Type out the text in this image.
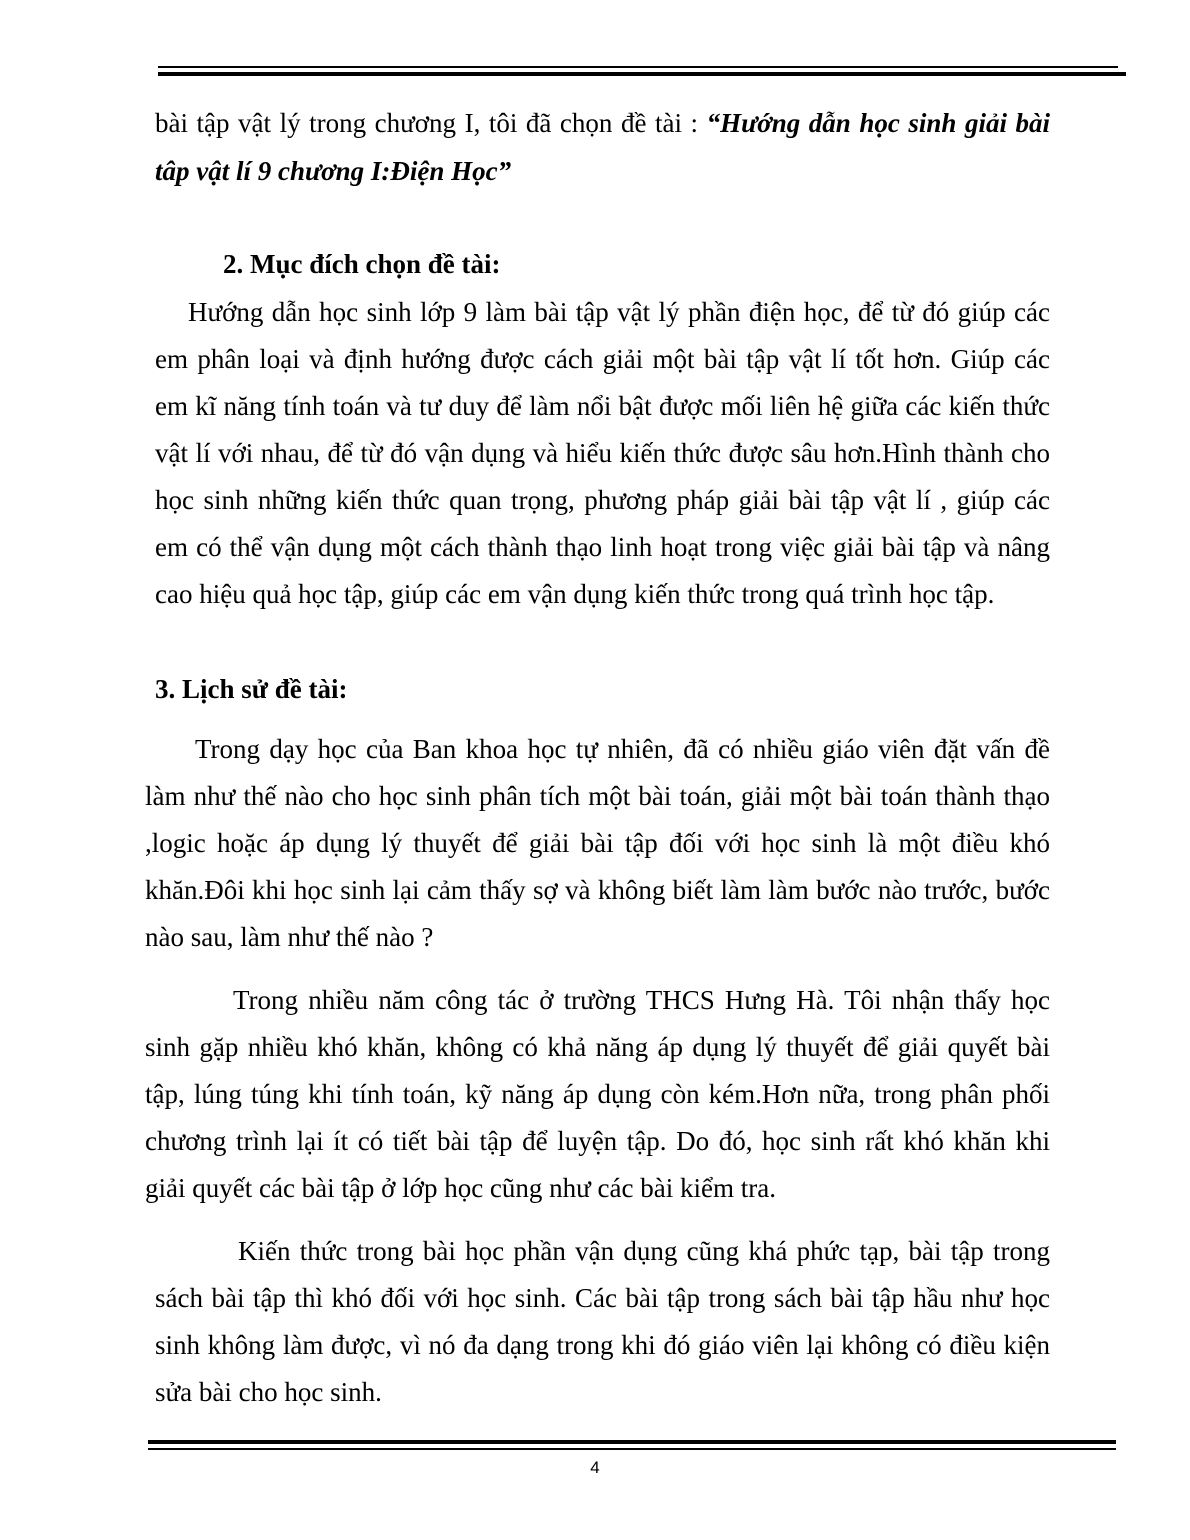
bài tập vật lý trong chương I, tôi đã chọn đề tài : “Hướng dẫn học sinh giải bài
tâp vật lí 9 chương I:Điện Học”
2. Mục đích chọn đề tài:
Hướng dẫn học sinh lớp 9 làm bài tập vật lý phần điện học, để từ đó giúp các
em phân loại và định hướng được cách giải một bài tập vật lí tốt hơn. Giúp các
em kĩ năng tính toán và tư duy để làm nổi bật được mối liên hệ giữa các kiến thức
vật lí với nhau, để từ đó vận dụng và hiểu kiến thức được sâu hơn.Hình thành cho
học sinh những kiến thức quan trọng, phương pháp giải bài tập vật lí , giúp các
em có thể vận dụng một cách thành thạo linh hoạt trong việc giải bài tập và nâng
cao hiệu quả học tập, giúp các em vận dụng kiến thức trong quá trình học tập.
3. Lịch sử đề tài:
Trong dạy học của Ban khoa học tự nhiên, đã có nhiều giáo viên đặt vấn đề
làm như thế nào cho học sinh phân tích một bài toán, giải một bài toán thành thạo
,logic hoặc áp dụng lý thuyết để giải bài tập đối với học sinh là một điều khó
khăn.Đôi khi học sinh lại cảm thấy sợ và không biết làm làm bước nào trước, bước
nào sau, làm như thế nào ?
Trong nhiều năm công tác ở trường THCS Hưng Hà. Tôi nhận thấy học
sinh gặp nhiều khó khăn, không có khả năng áp dụng lý thuyết để giải quyết bài
tập, lúng túng khi tính toán, kỹ năng áp dụng còn kém.Hơn nữa, trong phân phối
chương trình lại ít có tiết bài tập để luyện tập. Do đó, học sinh rất khó khăn khi
giải quyết các bài tập ở lớp học cũng như các bài kiểm tra.
Kiến thức trong bài học phần vận dụng cũng khá phức tạp, bài tập trong
sách bài tập thì khó đối với học sinh. Các bài tập trong sách bài tập hầu như học
sinh không làm được, vì nó đa dạng trong khi đó giáo viên lại không có điều kiện
sửa bài cho học sinh.
4
